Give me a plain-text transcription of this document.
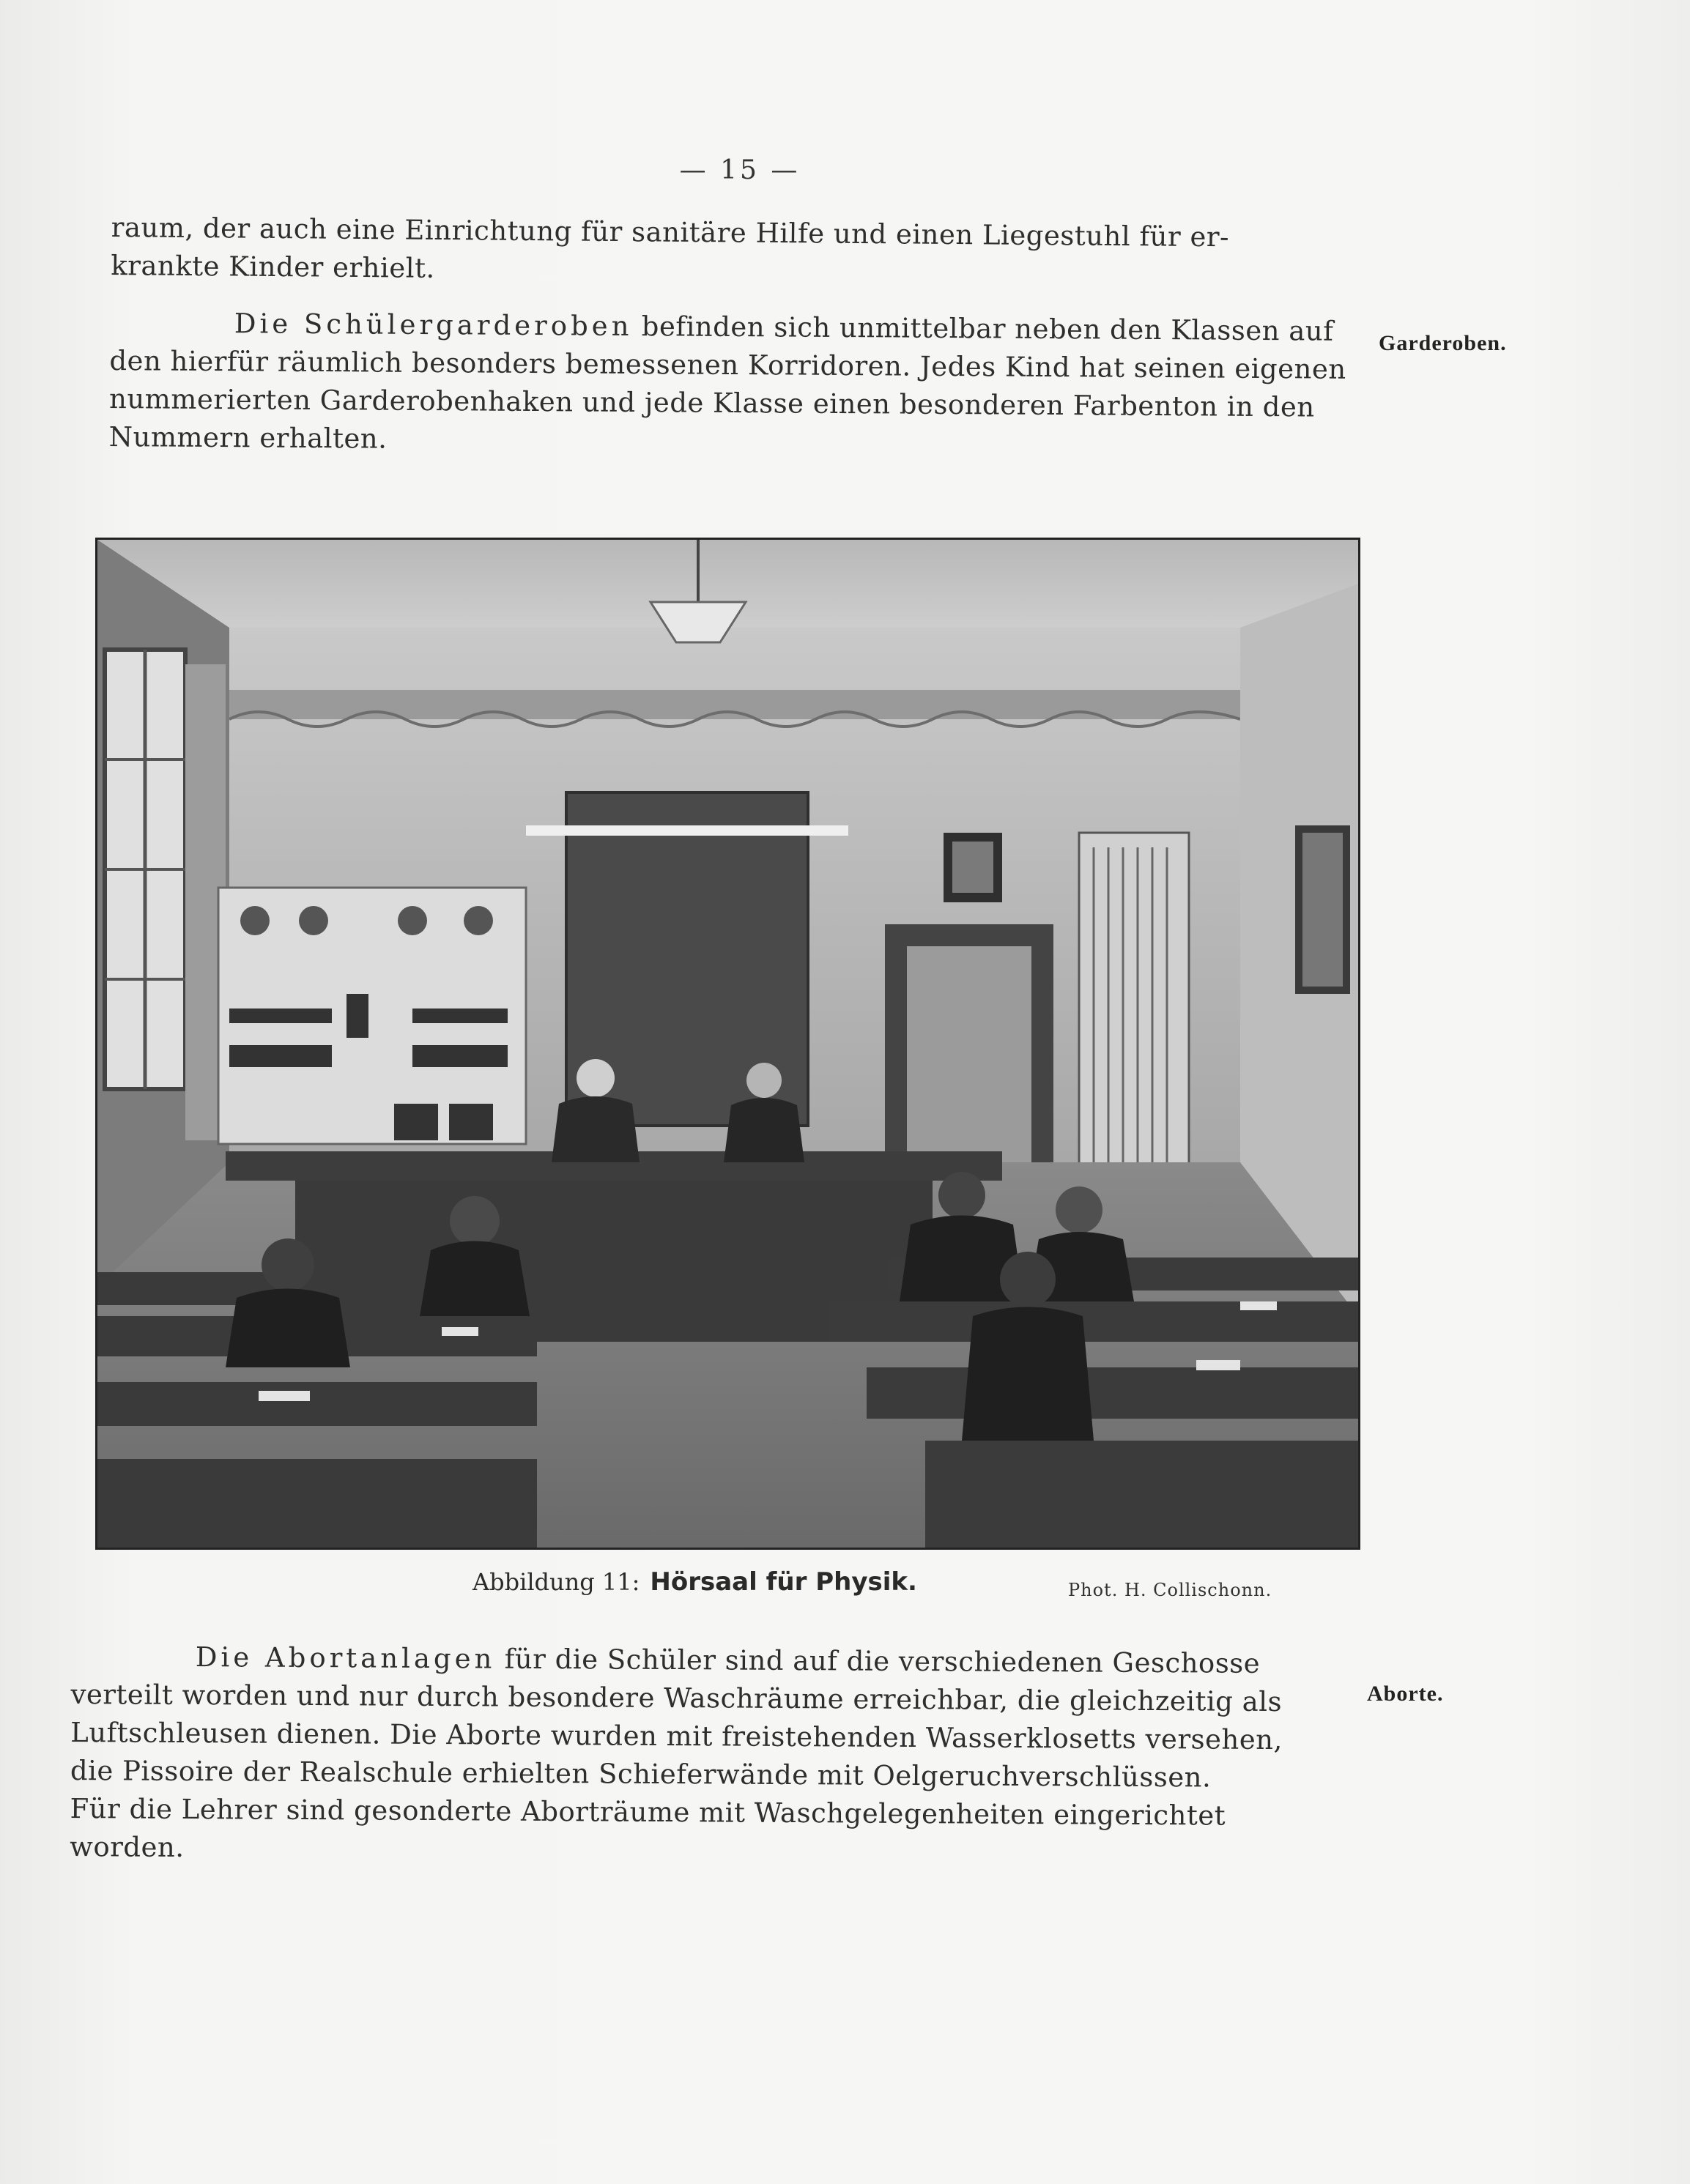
— 15 —
raum, der auch eine Einrichtung für sanitäre Hilfe und einen Liegestuhl für er-
krankte Kinder erhielt.
Die Schülergarderoben befinden sich unmittelbar neben den Klassen auf
den hierfür räumlich besonders bemessenen Korridoren. Jedes Kind hat seinen eigenen
nummerierten Garderobenhaken und jede Klasse einen besonderen Farbenton in den
Nummern erhalten.
Garderoben.
Abbildung 11: Hörsaal für Physik.	Phot. H. Collischonn.
Die Abortanlagen für die Schüler sind auf die verschiedenen Geschosse
verteilt worden und nur durch besondere Waschräume erreichbar, die gleichzeitig als
Luftschleusen dienen. Die Aborte wurden mit freistehenden Wasserklosetts versehen,
die Pissoire der Realschule erhielten Schieferwände mit Oelgeruchverschlüssen.
Für die Lehrer sind gesonderte Aborträume mit Waschgelegenheiten eingerichtet
worden.
Aborte.
